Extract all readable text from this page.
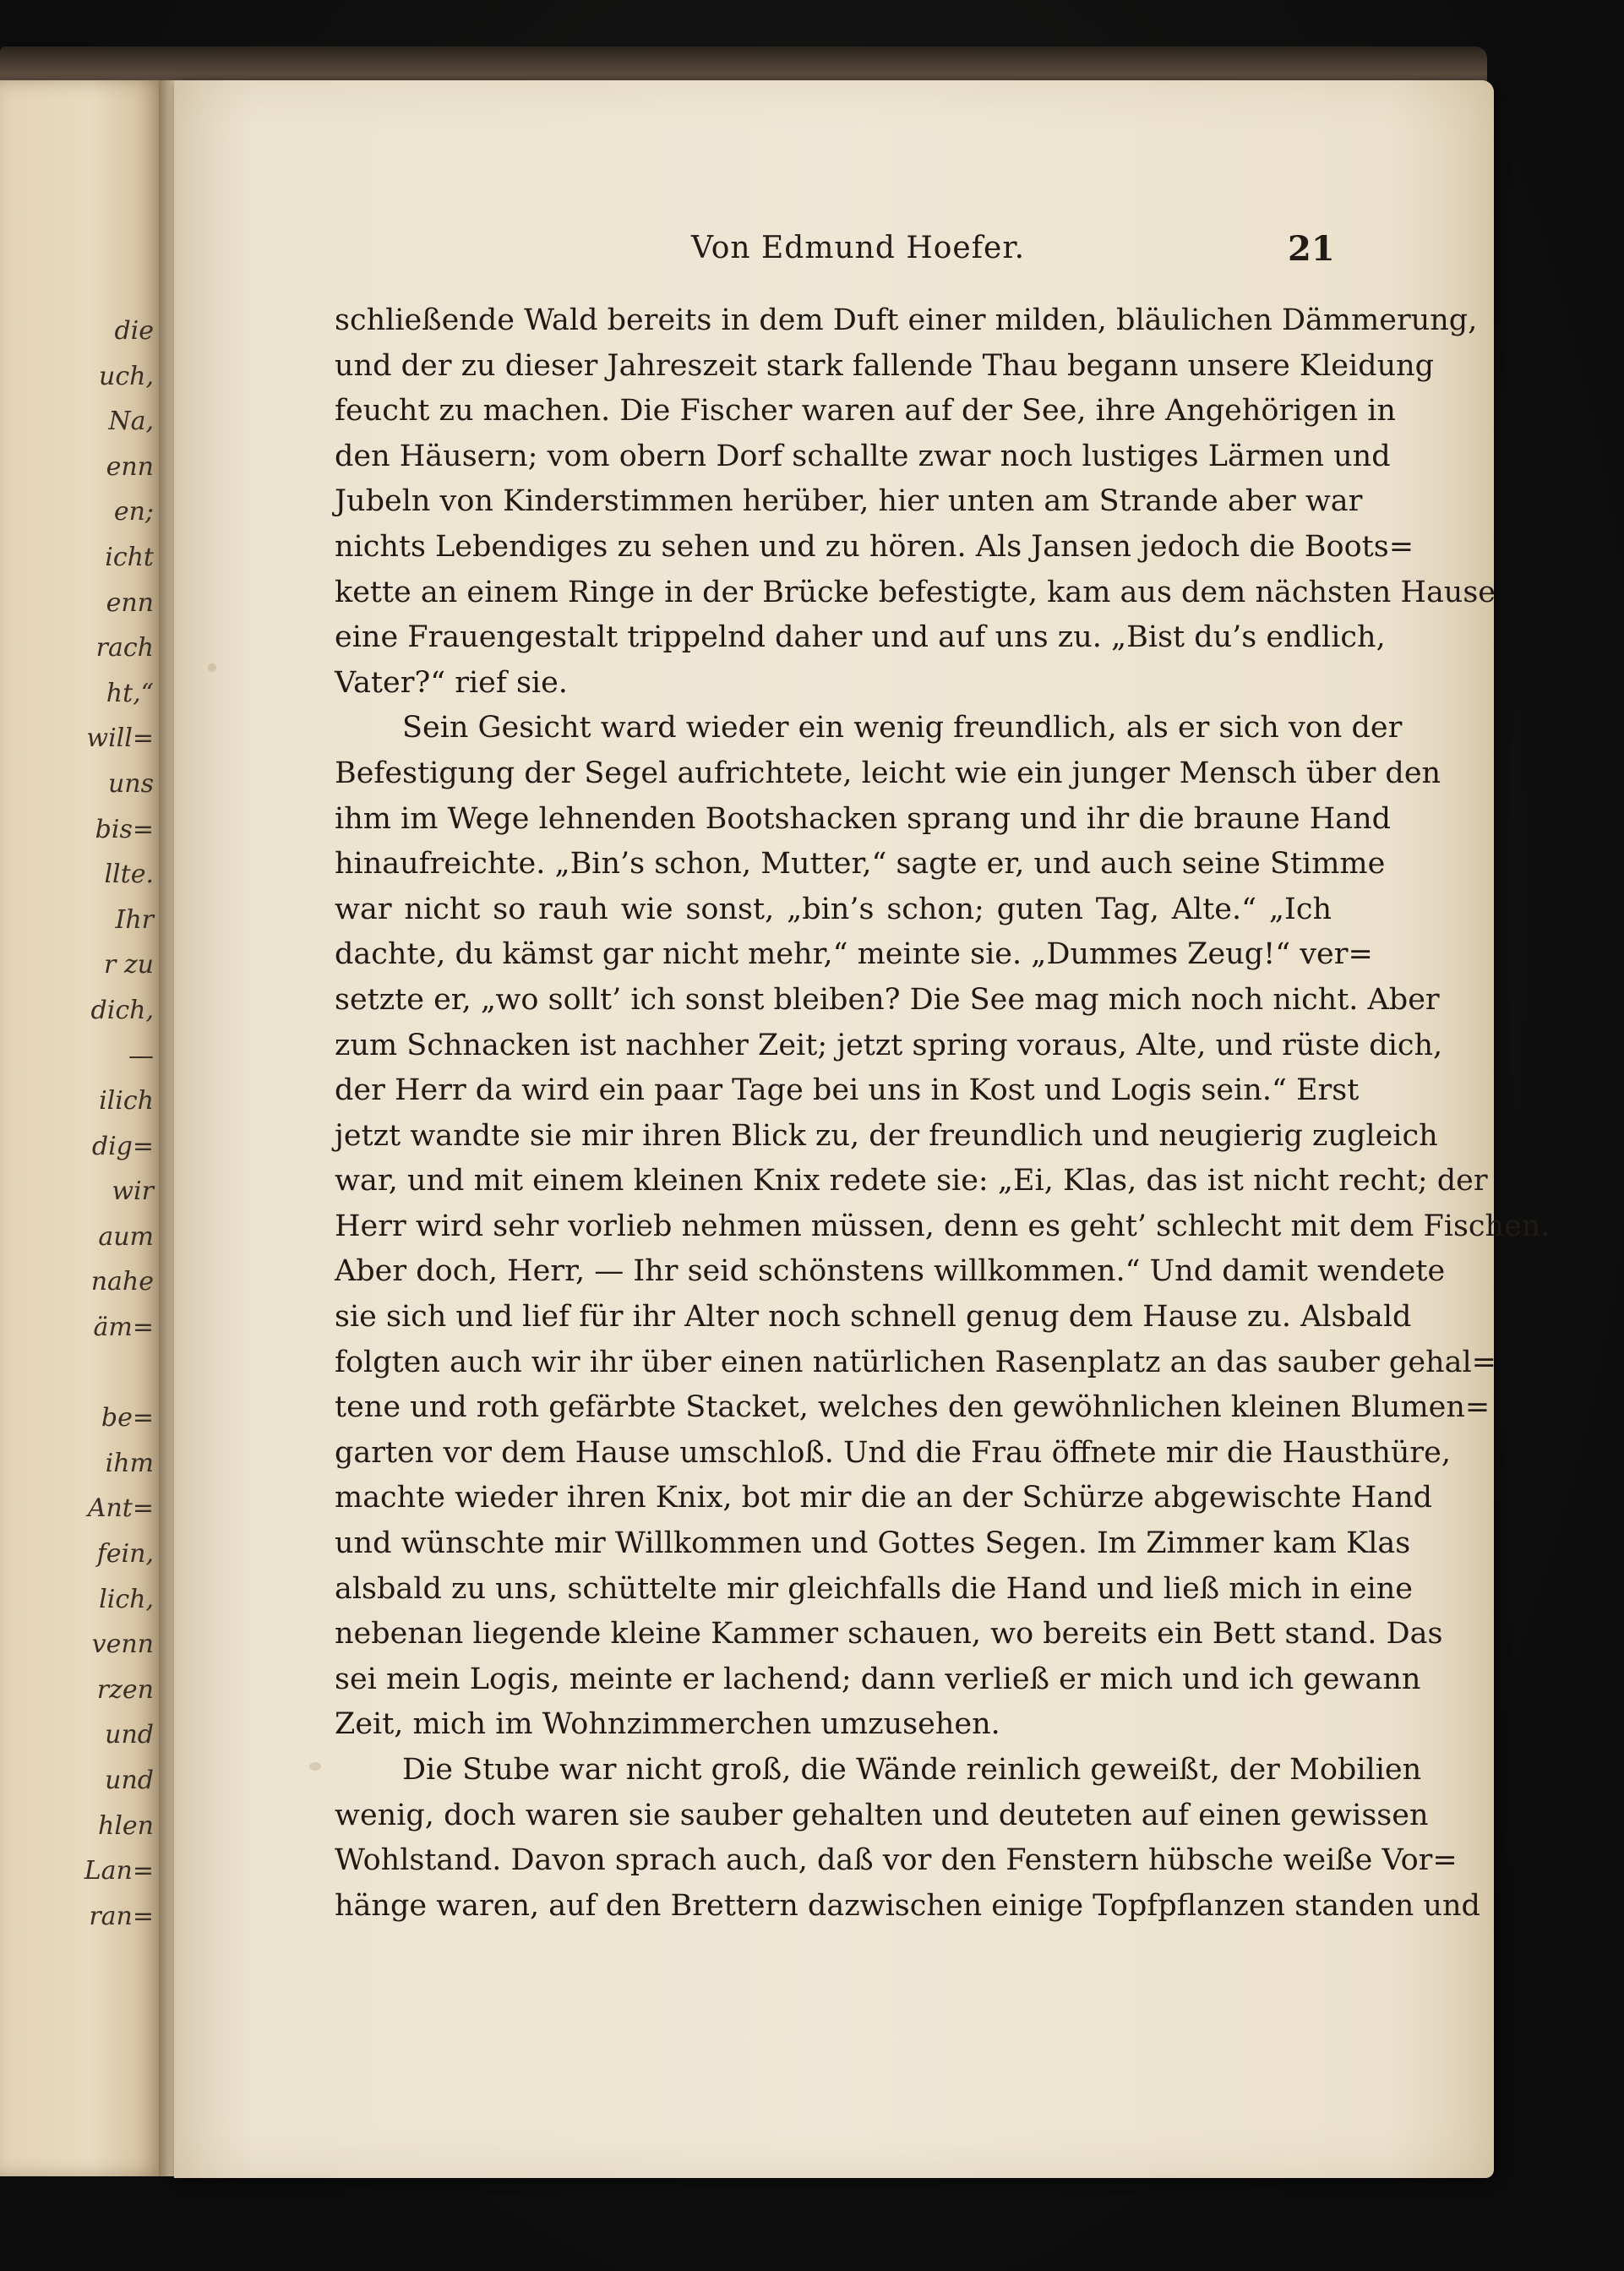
die
uch,
Na,
enn
en;
icht
enn
rach
ht,“
will=
uns
bis=
llte.
Ihr
r zu
dich,
—
ilich
dig=
wir
aum
nahe
äm=

be=
ihm
Ant=
fein,
lich,
venn
rzen
und
und
hlen
Lan=
ran=
Von Edmund Hoefer.	21

schließende Wald bereits in dem Duft einer milden, bläulichen Dämmerung,
und der zu dieser Jahreszeit stark fallende Thau begann unsere Kleidung
feucht zu machen. Die Fischer waren auf der See, ihre Angehörigen in
den Häusern; vom obern Dorf schallte zwar noch lustiges Lärmen und
Jubeln von Kinderstimmen herüber, hier unten am Strande aber war
nichts Lebendiges zu sehen und zu hören. Als Jansen jedoch die Boots=
kette an einem Ringe in der Brücke befestigte, kam aus dem nächsten Hause
eine Frauengestalt trippelnd daher und auf uns zu. „Bist du’s endlich,
Vater?“ rief sie.

Sein Gesicht ward wieder ein wenig freundlich, als er sich von der
Befestigung der Segel aufrichtete, leicht wie ein junger Mensch über den
ihm im Wege lehnenden Bootshacken sprang und ihr die braune Hand
hinaufreichte. „Bin’s schon, Mutter,“ sagte er, und auch seine Stimme
war nicht so rauh wie sonst, „bin’s schon; guten Tag, Alte.“ „Ich
dachte, du kämst gar nicht mehr,“ meinte sie. „Dummes Zeug!“ ver=
setzte er, „wo sollt’ ich sonst bleiben? Die See mag mich noch nicht. Aber
zum Schnacken ist nachher Zeit; jetzt spring voraus, Alte, und rüste dich,
der Herr da wird ein paar Tage bei uns in Kost und Logis sein.“ Erst
jetzt wandte sie mir ihren Blick zu, der freundlich und neugierig zugleich
war, und mit einem kleinen Knix redete sie: „Ei, Klas, das ist nicht recht; der
Herr wird sehr vorlieb nehmen müssen, denn es geht’ schlecht mit dem Fischen.
Aber doch, Herr, — Ihr seid schönstens willkommen.“ Und damit wendete
sie sich und lief für ihr Alter noch schnell genug dem Hause zu. Alsbald
folgten auch wir ihr über einen natürlichen Rasenplatz an das sauber gehal=
tene und roth gefärbte Stacket, welches den gewöhnlichen kleinen Blumen=
garten vor dem Hause umschloß. Und die Frau öffnete mir die Hausthüre,
machte wieder ihren Knix, bot mir die an der Schürze abgewischte Hand
und wünschte mir Willkommen und Gottes Segen. Im Zimmer kam Klas
alsbald zu uns, schüttelte mir gleichfalls die Hand und ließ mich in eine
nebenan liegende kleine Kammer schauen, wo bereits ein Bett stand. Das
sei mein Logis, meinte er lachend; dann verließ er mich und ich gewann
Zeit, mich im Wohnzimmerchen umzusehen.

Die Stube war nicht groß, die Wände reinlich geweißt, der Mobilien
wenig, doch waren sie sauber gehalten und deuteten auf einen gewissen
Wohlstand. Davon sprach auch, daß vor den Fenstern hübsche weiße Vor=
hänge waren, auf den Brettern dazwischen einige Topfpflanzen standen und
